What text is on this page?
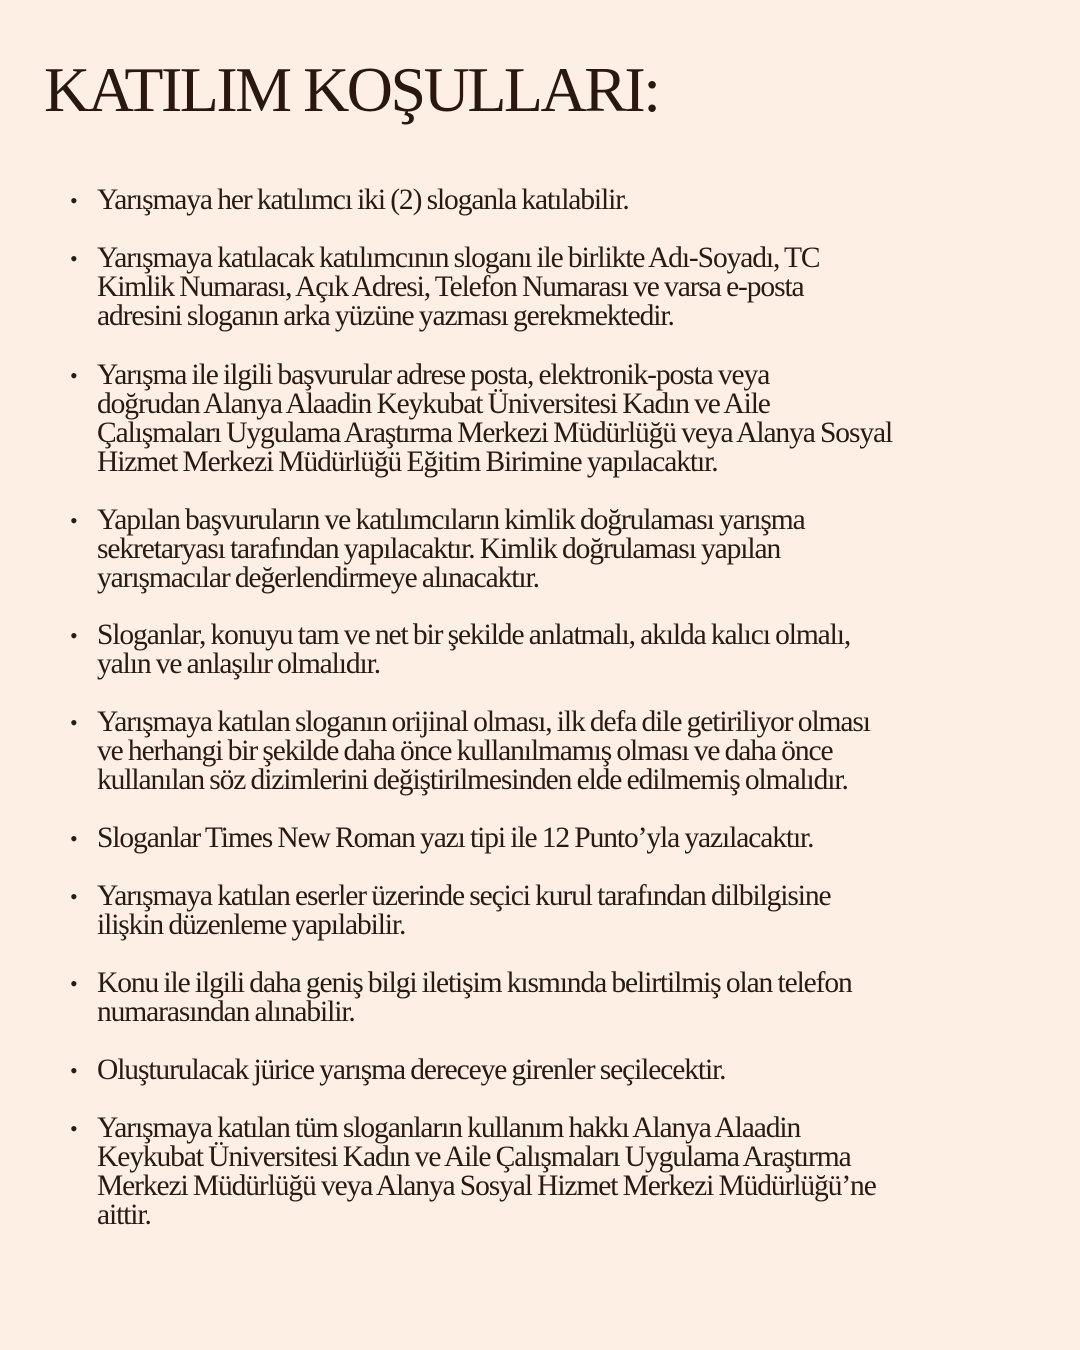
KATILIM KOŞULLARI:
• Yarışmaya her katılımcı iki (2) sloganla katılabilir.
• Yarışmaya katılacak katılımcının sloganı ile birlikte Adı-Soyadı, TC
Kimlik Numarası, Açık Adresi, Telefon Numarası ve varsa e-posta
adresini sloganın arka yüzüne yazması gerekmektedir.
• Yarışma ile ilgili başvurular adrese posta, elektronik-posta veya
doğrudan Alanya Alaadin Keykubat Üniversitesi Kadın ve Aile
Çalışmaları Uygulama Araştırma Merkezi Müdürlüğü veya Alanya Sosyal
Hizmet Merkezi Müdürlüğü Eğitim Birimine yapılacaktır.
• Yapılan başvuruların ve katılımcıların kimlik doğrulaması yarışma
sekretaryası tarafından yapılacaktır. Kimlik doğrulaması yapılan
yarışmacılar değerlendirmeye alınacaktır.
• Sloganlar, konuyu tam ve net bir şekilde anlatmalı, akılda kalıcı olmalı,
yalın ve anlaşılır olmalıdır.
• Yarışmaya katılan sloganın orijinal olması, ilk defa dile getiriliyor olması
ve herhangi bir şekilde daha önce kullanılmamış olması ve daha önce
kullanılan söz dizimlerini değiştirilmesinden elde edilmemiş olmalıdır.
• Sloganlar Times New Roman yazı tipi ile 12 Punto’yla yazılacaktır.
• Yarışmaya katılan eserler üzerinde seçici kurul tarafından dilbilgisine
ilişkin düzenleme yapılabilir.
• Konu ile ilgili daha geniş bilgi iletişim kısmında belirtilmiş olan telefon
numarasından alınabilir.
• Oluşturulacak jürice yarışma dereceye girenler seçilecektir.
• Yarışmaya katılan tüm sloganların kullanım hakkı Alanya Alaadin
Keykubat Üniversitesi Kadın ve Aile Çalışmaları Uygulama Araştırma
Merkezi Müdürlüğü veya Alanya Sosyal Hizmet Merkezi Müdürlüğü’ne
aittir.
